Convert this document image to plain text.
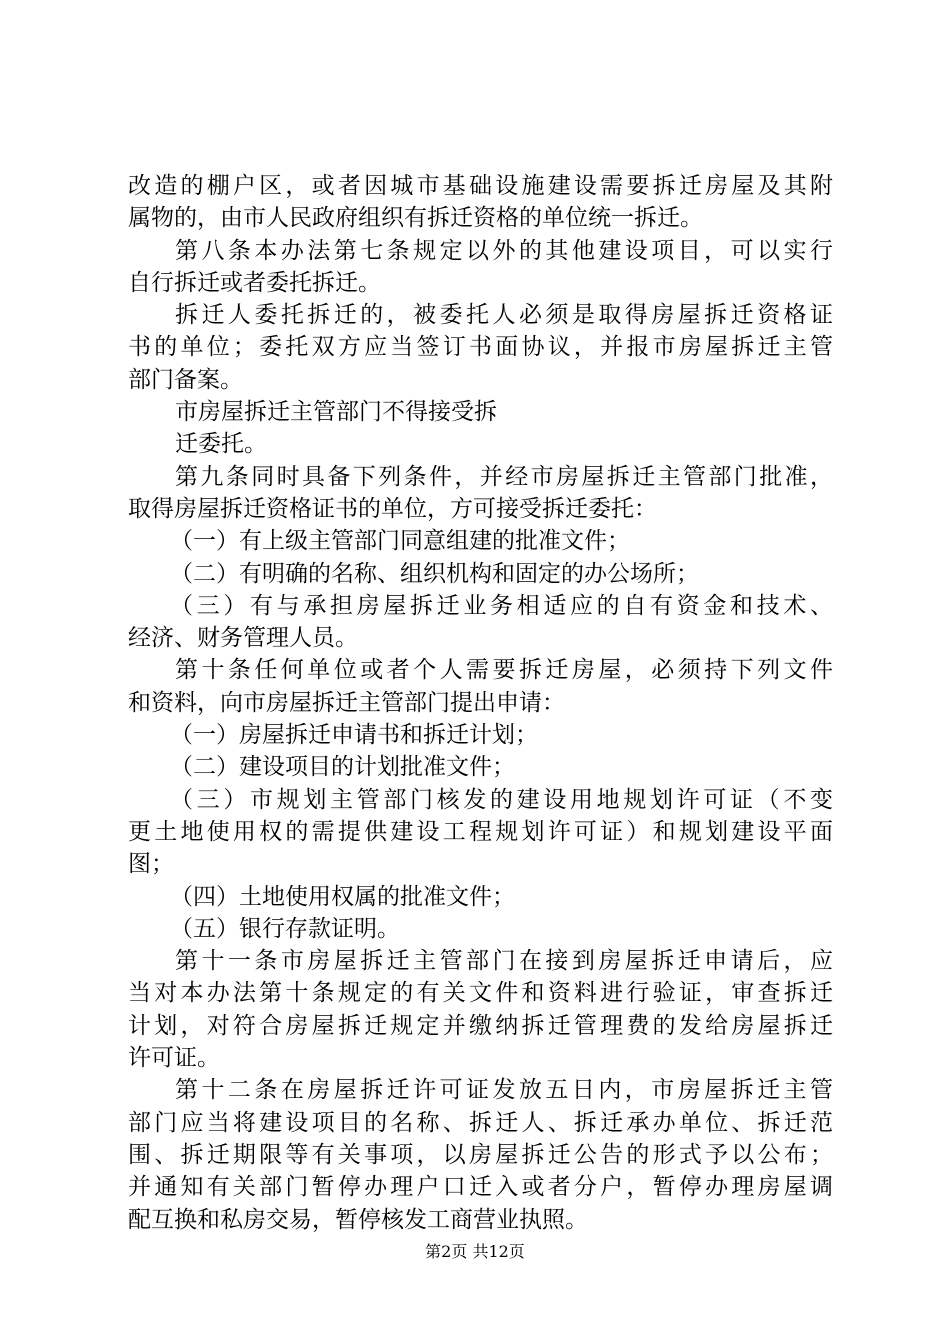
改造的棚户区，或者因城市基础设施建设需要拆迁房屋及其附
属物的，由市人民政府组织有拆迁资格的单位统一拆迁。
第八条本办法第七条规定以外的其他建设项目，可以实行
自行拆迁或者委托拆迁。
拆迁人委托拆迁的，被委托人必须是取得房屋拆迁资格证
书的单位；委托双方应当签订书面协议，并报市房屋拆迁主管
部门备案。
市房屋拆迁主管部门不得接受拆
迁委托。
第九条同时具备下列条件，并经市房屋拆迁主管部门批准，
取得房屋拆迁资格证书的单位，方可接受拆迁委托：
（一）有上级主管部门同意组建的批准文件；
（二）有明确的名称、组织机构和固定的办公场所；
（三）有与承担房屋拆迁业务相适应的自有资金和技术、
经济、财务管理人员。
第十条任何单位或者个人需要拆迁房屋，必须持下列文件
和资料，向市房屋拆迁主管部门提出申请：
（一）房屋拆迁申请书和拆迁计划；
（二）建设项目的计划批准文件；
（三）市规划主管部门核发的建设用地规划许可证（不变
更土地使用权的需提供建设工程规划许可证）和规划建设平面
图；
（四）土地使用权属的批准文件；
（五）银行存款证明。
第十一条市房屋拆迁主管部门在接到房屋拆迁申请后，应
当对本办法第十条规定的有关文件和资料进行验证，审查拆迁
计划，对符合房屋拆迁规定并缴纳拆迁管理费的发给房屋拆迁
许可证。
第十二条在房屋拆迁许可证发放五日内，市房屋拆迁主管
部门应当将建设项目的名称、拆迁人、拆迁承办单位、拆迁范
围、拆迁期限等有关事项，以房屋拆迁公告的形式予以公布；
并通知有关部门暂停办理户口迁入或者分户，暂停办理房屋调
配互换和私房交易，暂停核发工商营业执照。
第2页 共12页
